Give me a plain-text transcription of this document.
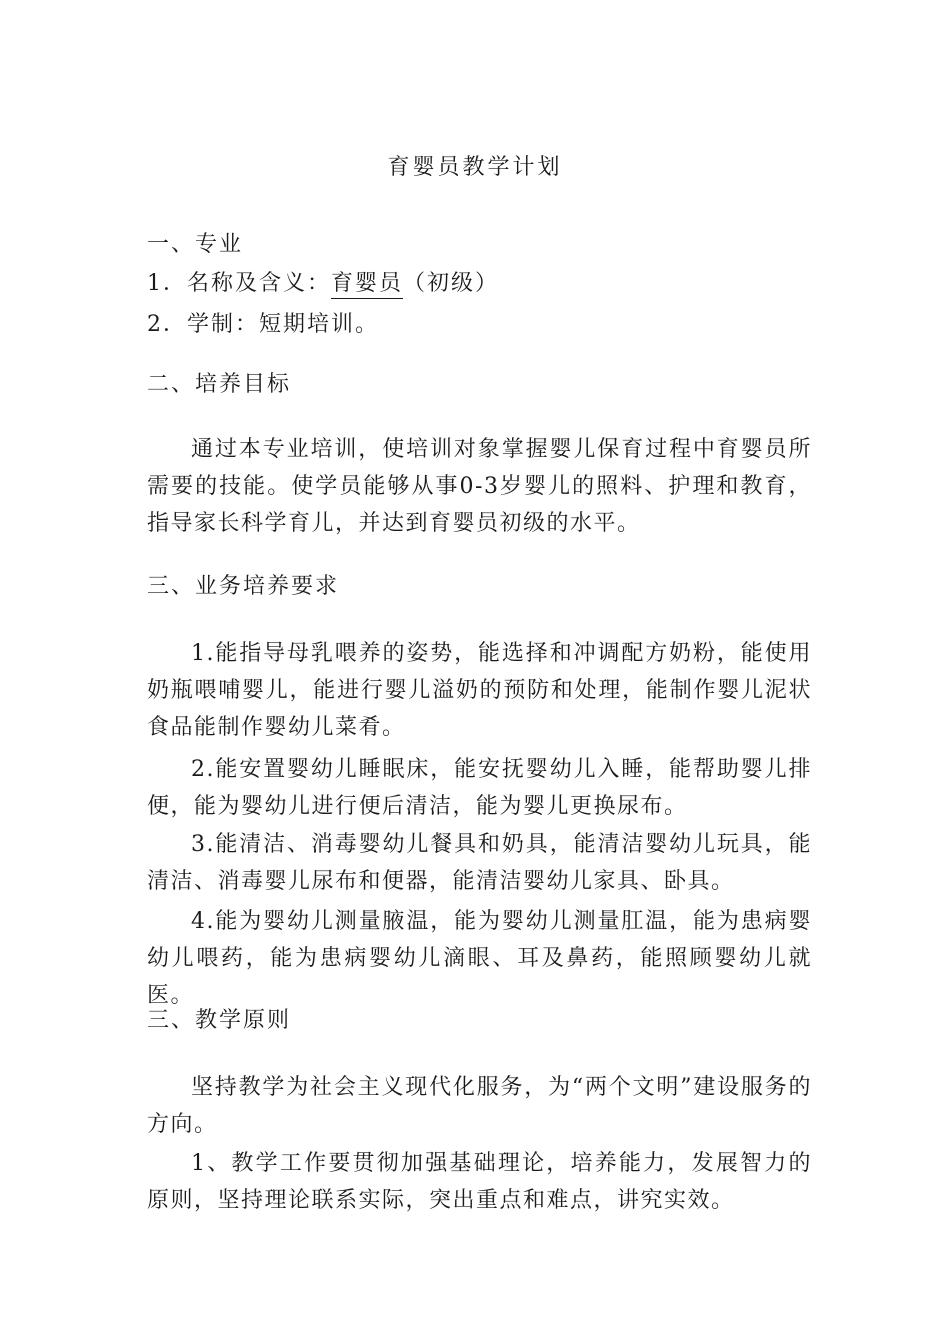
育婴员教学计划
一、专业
1．名称及含义：育婴员（初级）
2．学制：短期培训。
二、培养目标
通过本专业培训，使培训对象掌握婴儿保育过程中育婴员所需要的技能。使学员能够从事0-3岁婴儿的照料、护理和教育，指导家长科学育儿，并达到育婴员初级的水平。
三、业务培养要求
1.能指导母乳喂养的姿势，能选择和冲调配方奶粉，能使用奶瓶喂哺婴儿，能进行婴儿溢奶的预防和处理，能制作婴儿泥状食品能制作婴幼儿菜肴。
2.能安置婴幼儿睡眠床，能安抚婴幼儿入睡，能帮助婴儿排便，能为婴幼儿进行便后清洁，能为婴儿更换尿布。
3.能清洁、消毒婴幼儿餐具和奶具，能清洁婴幼儿玩具，能清洁、消毒婴儿尿布和便器，能清洁婴幼儿家具、卧具。
4.能为婴幼儿测量腋温，能为婴幼儿测量肛温，能为患病婴幼儿喂药，能为患病婴幼儿滴眼、耳及鼻药，能照顾婴幼儿就医。
三、教学原则
坚持教学为社会主义现代化服务，为“两个文明”建设服务的方向。
1、教学工作要贯彻加强基础理论，培养能力，发展智力的原则，坚持理论联系实际，突出重点和难点，讲究实效。
